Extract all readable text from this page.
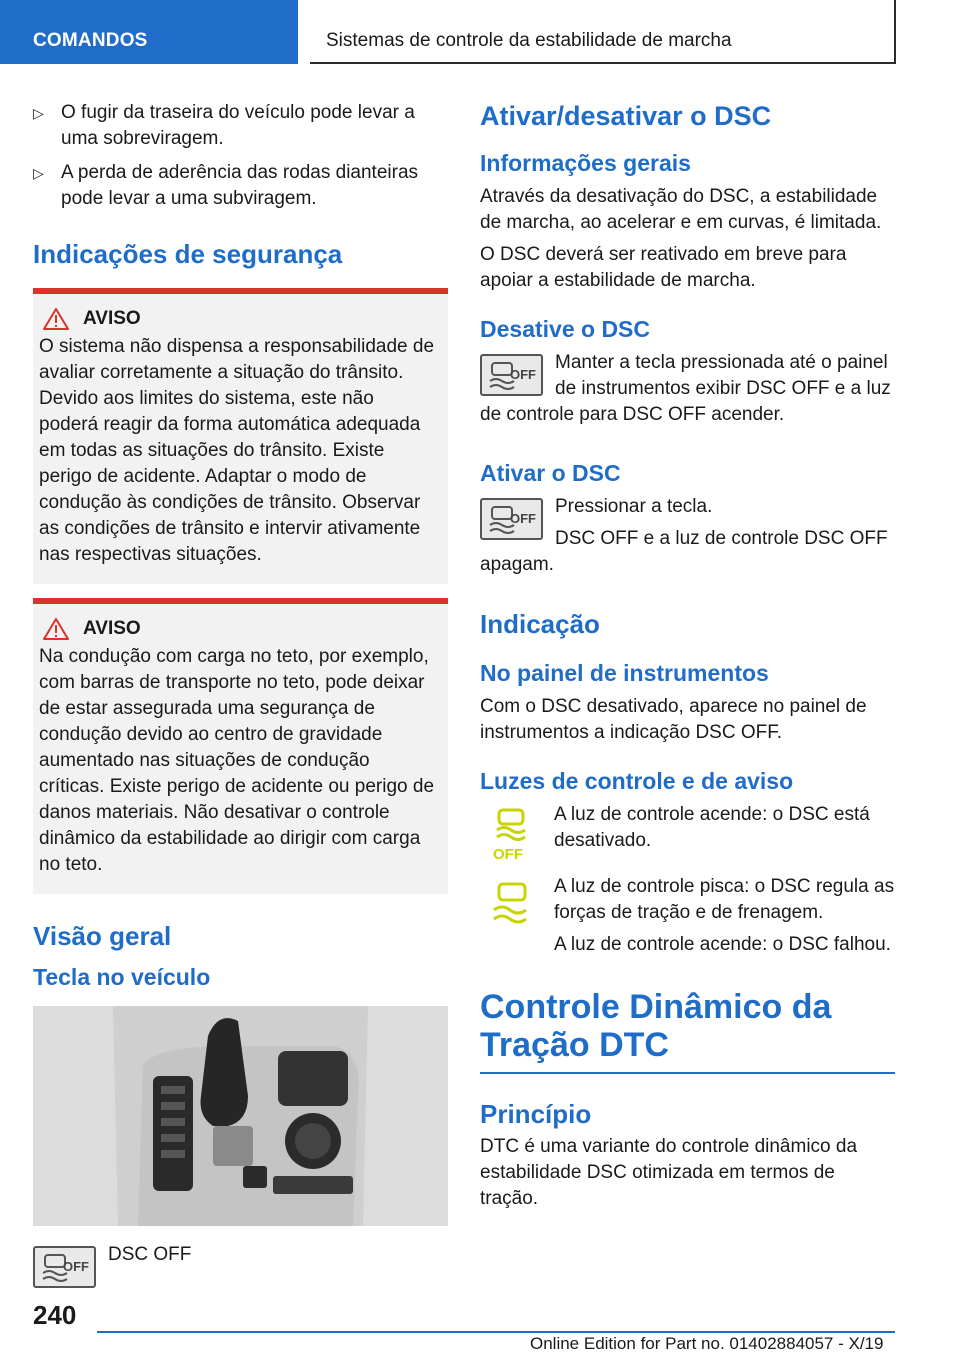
COMANDOS	Sistemas de controle da estabilidade de marcha
▷ O fugir da traseira do veículo pode levar a uma sobreviragem.
▷ A perda de aderência das rodas dianteiras pode levar a uma subviragem.
Indicações de segurança
AVISO

O sistema não dispensa a responsabilidade de avaliar corretamente a situação do trânsito. Devido aos limites do sistema, este não poderá reagir da forma automática adequada em todas as situações do trânsito. Existe perigo de acidente. Adaptar o modo de condução às condições de trânsito. Observar as condições de trânsito e intervir ativamente nas respectivas situações.

AVISO

Na condução com carga no teto, por exemplo, com barras de transporte no teto, pode deixar de estar assegurada uma segurança de condução devido ao centro de gravidade aumentado nas situações de condução críticas. Existe perigo de acidente ou perigo de danos materiais. Não desativar o controle dinâmico da estabilidade ao dirigir com carga no teto.

Visão geral
Tecla no veículo
OFF

DSC OFF

Ativar/desativar o DSC
Informações gerais

Através da desativação do DSC, a estabilidade de marcha, ao acelerar e em curvas, é limitada.

O DSC deverá ser reativado em breve para apoiar a estabilidade de marcha.

Desative o DSC
OFF

Manter a tecla pressionada até o painel de instrumentos exibir DSC OFF e a luz de controle para DSC OFF acender.

Ativar o DSC
OFF

Pressionar a tecla.

DSC OFF e a luz de controle DSC OFF apagam.

Indicação
No painel de instrumentos

Com o DSC desativado, aparece no painel de instrumentos a indicação DSC OFF.

Luzes de controle e de aviso
OFF

A luz de controle acende: o DSC está desativado.

A luz de controle pisca: o DSC regula as forças de tração e de frenagem.

A luz de controle acende: o DSC falhou.

Controle Dinâmico da Tração DTC
Princípio

DTC é uma variante do controle dinâmico da estabilidade DSC otimizada em termos de tração.

240
Online Edition for Part no. 01402884057 - X/19
